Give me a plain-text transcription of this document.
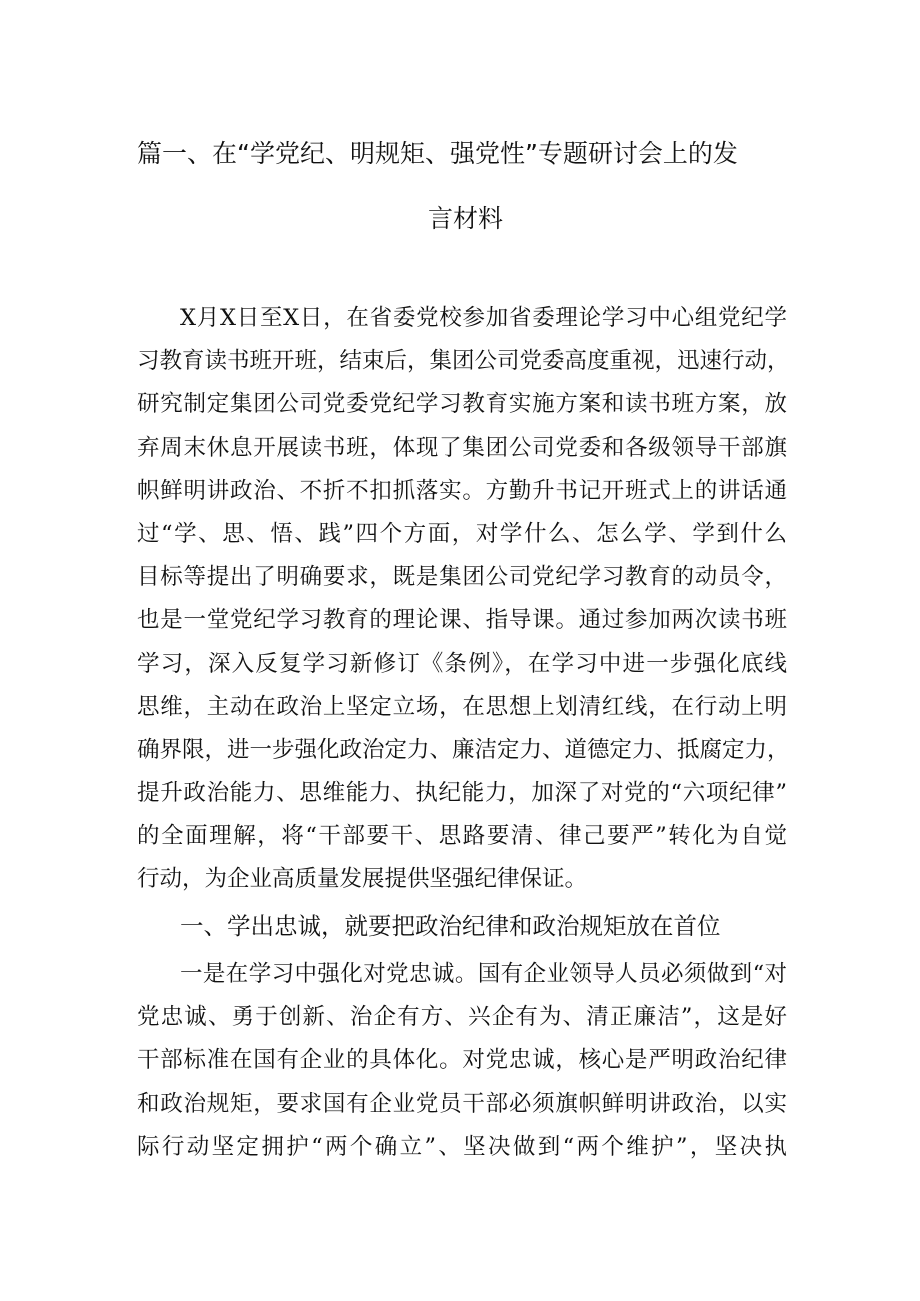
篇一、在“学党纪、明规矩、强党性”专题研讨会上的发
言材料
X月X日至X日，在省委党校参加省委理论学习中心组党纪学
习教育读书班开班，结束后，集团公司党委高度重视，迅速行动，
研究制定集团公司党委党纪学习教育实施方案和读书班方案，放
弃周末休息开展读书班，体现了集团公司党委和各级领导干部旗
帜鲜明讲政治、不折不扣抓落实。方勤升书记开班式上的讲话通
过“学、思、悟、践”四个方面，对学什么、怎么学、学到什么
目标等提出了明确要求，既是集团公司党纪学习教育的动员令，
也是一堂党纪学习教育的理论课、指导课。通过参加两次读书班
学习，深入反复学习新修订《条例》，在学习中进一步强化底线
思维，主动在政治上坚定立场，在思想上划清红线，在行动上明
确界限，进一步强化政治定力、廉洁定力、道德定力、抵腐定力，
提升政治能力、思维能力、执纪能力，加深了对党的“六项纪律”
的全面理解，将“干部要干、思路要清、律己要严”转化为自觉
行动，为企业高质量发展提供坚强纪律保证。
一、学出忠诚，就要把政治纪律和政治规矩放在首位
一是在学习中强化对党忠诚。国有企业领导人员必须做到“对
党忠诚、勇于创新、治企有方、兴企有为、清正廉洁”，这是好
干部标准在国有企业的具体化。对党忠诚，核心是严明政治纪律
和政治规矩，要求国有企业党员干部必须旗帜鲜明讲政治，以实
际行动坚定拥护“两个确立”、坚决做到“两个维护”，坚决执
